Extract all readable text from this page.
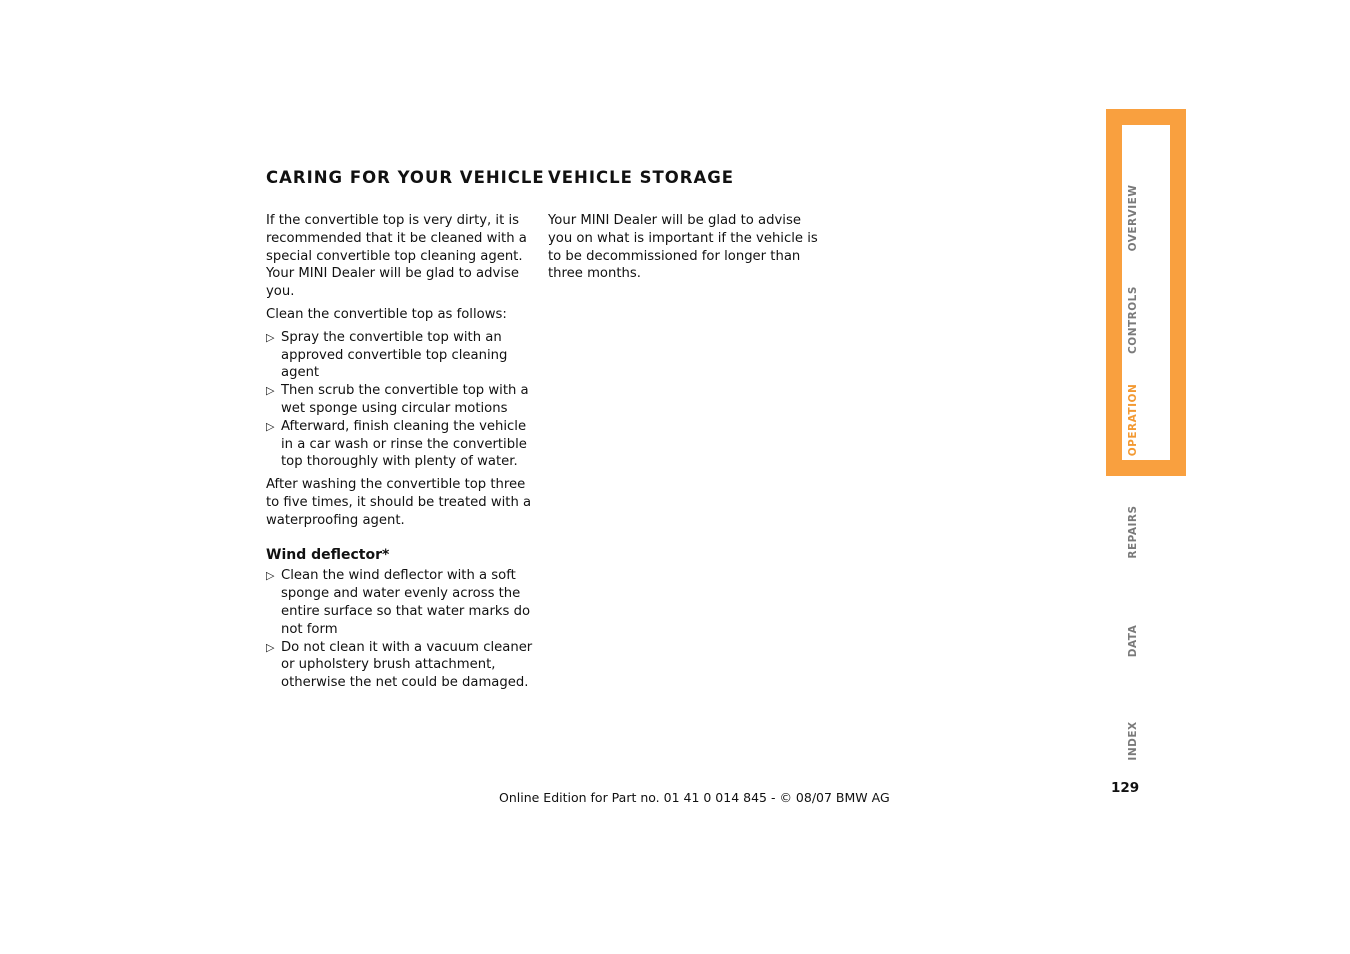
CARING FOR YOUR VEHICLE

If the convertible top is very dirty, it is recommended that it be cleaned with a special convertible top cleaning agent. Your MINI Dealer will be glad to advise you.

Clean the convertible top as follows:

▷ Spray the convertible top with an approved convertible top cleaning agent
▷ Then scrub the convertible top with a wet sponge using circular motions
▷ Afterward, finish cleaning the vehicle in a car wash or rinse the convertible top thoroughly with plenty of water.

After washing the convertible top three to five times, it should be treated with a waterproofing agent.

Wind deflector*
▷ Clean the wind deflector with a soft sponge and water evenly across the entire surface so that water marks do not form
▷ Do not clean it with a vacuum cleaner or upholstery brush attachment, otherwise the net could be damaged.
VEHICLE STORAGE

Your MINI Dealer will be glad to advise you on what is important if the vehicle is to be decommissioned for longer than three months.

OVERVIEW
CONTROLS
OPERATION
REPAIRS
DATA
INDEX
129
Online Edition for Part no. 01 41 0 014 845 - © 08/07 BMW AG
